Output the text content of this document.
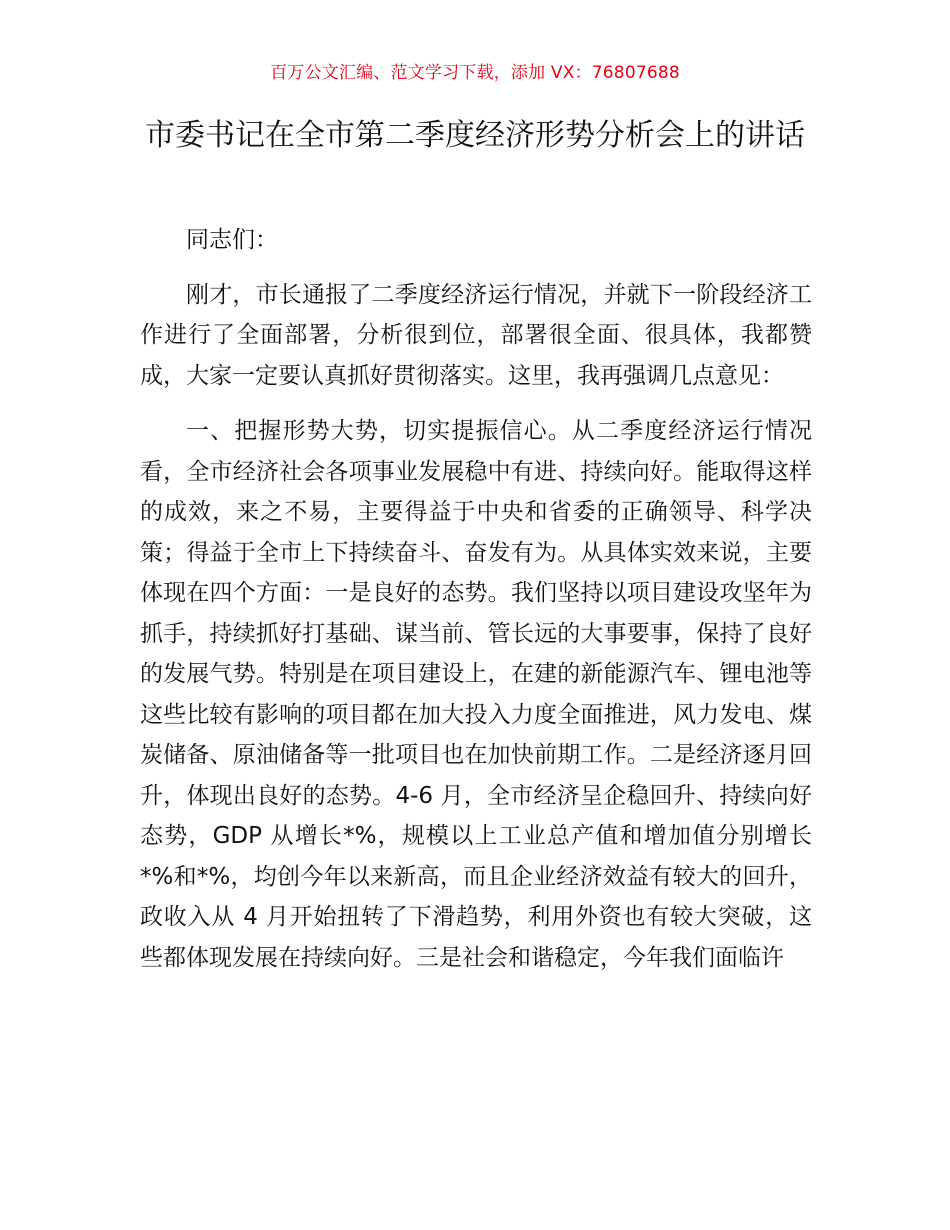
百万公文汇编、范文学习下载，添加 VX：76807688
市委书记在全市第二季度经济形势分析会上的讲话

同志们：

刚才，市长通报了二季度经济运行情况，并就下一阶段经济工作进行了全面部署，分析很到位，部署很全面、很具体，我都赞成，大家一定要认真抓好贯彻落实。这里，我再强调几点意见：

一、把握形势大势，切实提振信心。从二季度经济运行情况看，全市经济社会各项事业发展稳中有进、持续向好。能取得这样的成效，来之不易，主要得益于中央和省委的正确领导、科学决策；得益于全市上下持续奋斗、奋发有为。从具体实效来说，主要体现在四个方面：一是良好的态势。我们坚持以项目建设攻坚年为抓手，持续抓好打基础、谋当前、管长远的大事要事，保持了良好的发展气势。特别是在项目建设上，在建的新能源汽车、锂电池等这些比较有影响的项目都在加大投入力度全面推进，风力发电、煤炭储备、原油储备等一批项目也在加快前期工作。二是经济逐月回升，体现出良好的态势。4-6 月，全市经济呈企稳回升、持续向好态势，GDP 从增长*%，规模以上工业总产值和增加值分别增长*%和*%，均创今年以来新高，而且企业经济效益有较大的回升，政收入从 4 月开始扭转了下滑趋势，利用外资也有较大突破，这些都体现发展在持续向好。三是社会和谐稳定，今年我们面临许
